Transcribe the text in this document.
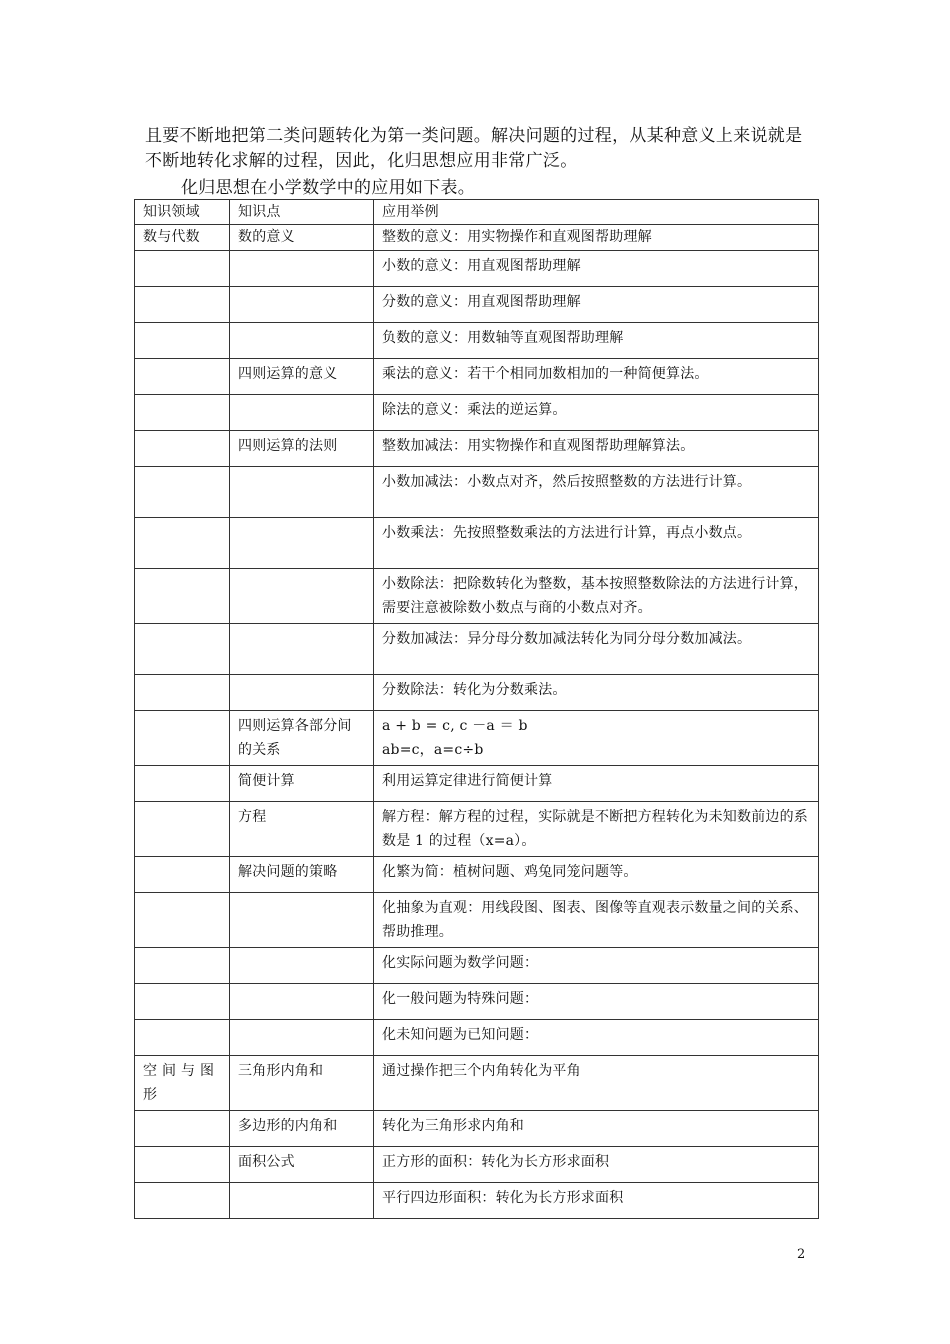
且要不断地把第二类问题转化为第一类问题。解决问题的过程，从某种意义上来说就是不断地转化求解的过程，因此，化归思想应用非常广泛。

化归思想在小学数学中的应用如下表。

知识领域	知识点	应用举例
数与代数	数的意义	整数的意义：用实物操作和直观图帮助理解
		小数的意义：用直观图帮助理解
		分数的意义：用直观图帮助理解
		负数的意义：用数轴等直观图帮助理解
	四则运算的意义	乘法的意义：若干个相同加数相加的一种简便算法。
		除法的意义：乘法的逆运算。
	四则运算的法则	整数加减法：用实物操作和直观图帮助理解算法。
		小数加减法：小数点对齐，然后按照整数的方法进行计算。
		小数乘法：先按照整数乘法的方法进行计算，再点小数点。
		小数除法：把除数转化为整数，基本按照整数除法的方法进行计算，需要注意被除数小数点与商的小数点对齐。
		分数加减法：异分母分数加减法转化为同分母分数加减法。
		分数除法：转化为分数乘法。
	四则运算各部分间的关系	a + b = c, c －a ＝ b
ab=c，a=c÷b

	简便计算	利用运算定律进行简便计算
	方程	解方程：解方程的过程，实际就是不断把方程转化为未知数前边的系数是 1 的过程（x=a）。
	解决问题的策略	化繁为简：植树问题、鸡兔同笼问题等。
		化抽象为直观：用线段图、图表、图像等直观表示数量之间的关系、帮助推理。
		化实际问题为数学问题：
		化一般问题为特殊问题：
		化未知问题为已知问题：
空间与图形	三角形内角和	通过操作把三个内角转化为平角
	多边形的内角和	转化为三角形求内角和
	面积公式	正方形的面积：转化为长方形求面积
		平行四边形面积：转化为长方形求面积
2
